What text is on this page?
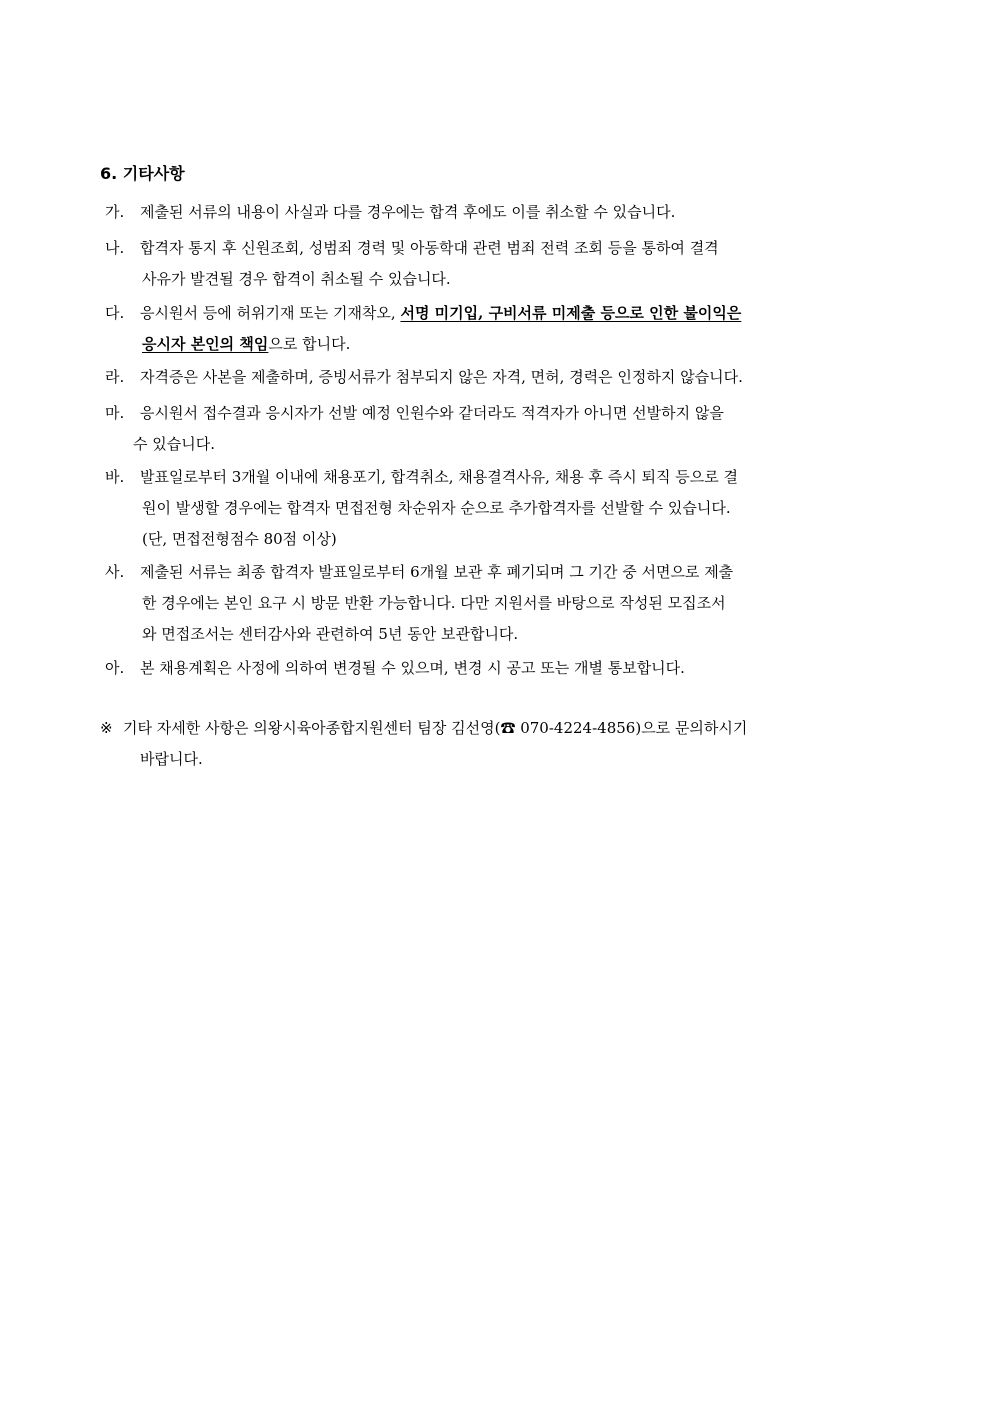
6. 기타사항
가. 제출된 서류의 내용이 사실과 다를 경우에는 합격 후에도 이를 취소할 수 있습니다.
나. 합격자 통지 후 신원조회, 성범죄 경력 및 아동학대 관련 범죄 전력 조회 등을 통하여 결격
사유가 발견될 경우 합격이 취소될 수 있습니다.
다. 응시원서 등에 허위기재 또는 기재착오, 서명 미기입, 구비서류 미제출 등으로 인한 불이익은
응시자 본인의 책임으로 합니다.
라. 자격증은 사본을 제출하며, 증빙서류가 첨부되지 않은 자격, 면허, 경력은 인정하지 않습니다.
마. 응시원서 접수결과 응시자가 선발 예정 인원수와 같더라도 적격자가 아니면 선발하지 않을
수 있습니다.
바. 발표일로부터 3개월 이내에 채용포기, 합격취소, 채용결격사유, 채용 후 즉시 퇴직 등으로 결
원이 발생할 경우에는 합격자 면접전형 차순위자 순으로 추가합격자를 선발할 수 있습니다.
(단, 면접전형점수 80점 이상)
사. 제출된 서류는 최종 합격자 발표일로부터 6개월 보관 후 폐기되며 그 기간 중 서면으로 제출
한 경우에는 본인 요구 시 방문 반환 가능합니다. 다만 지원서를 바탕으로 작성된 모집조서
와 면접조서는 센터감사와 관련하여 5년 동안 보관합니다.
아. 본 채용계획은 사정에 의하여 변경될 수 있으며, 변경 시 공고 또는 개별 통보합니다.
※ 기타 자세한 사항은 의왕시육아종합지원센터 팀장 김선영(☎ 070-4224-4856)으로 문의하시기
바랍니다.
